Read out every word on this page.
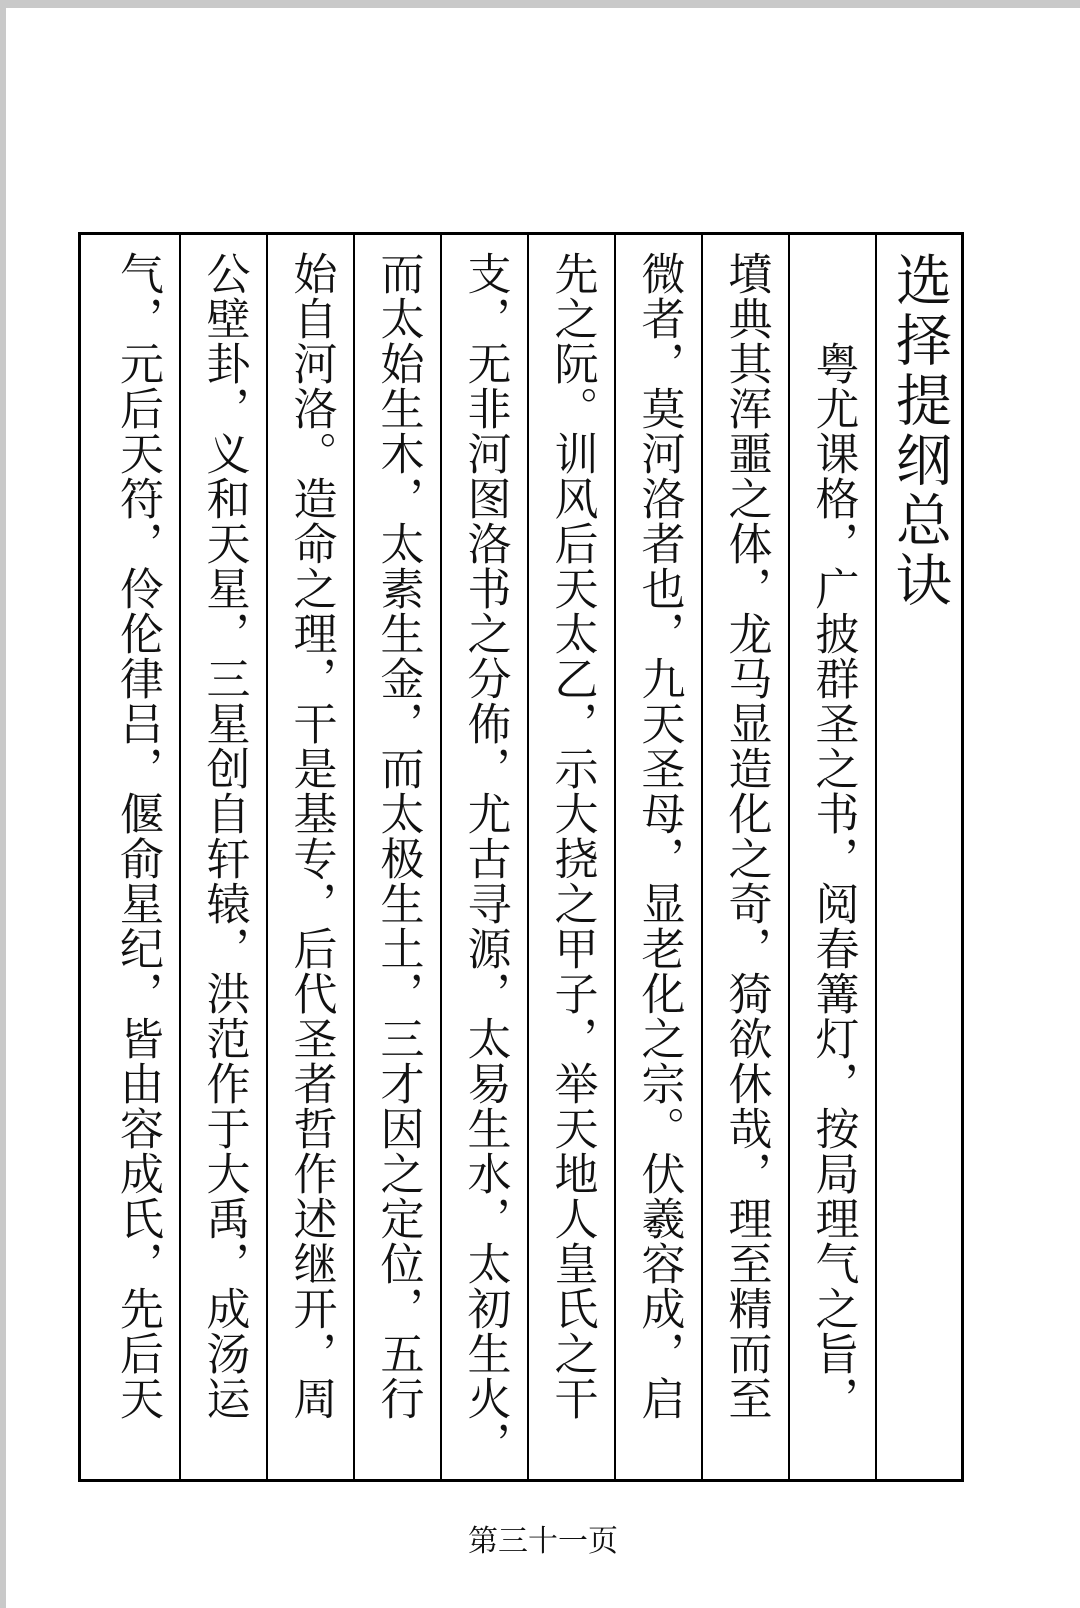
选择提纲总诀
粤尤课格，广披群圣之书，阅春篝灯，按局理气之旨，
墳典其浑噩之体，龙马显造化之奇，猗欲休哉，理至精而至
微者，莫河洛者也，九天圣母，显老化之宗。伏羲容成，启
先之阮。训风后天太乙，示大挠之甲子，举天地人皇氏之干
支，无非河图洛书之分佈，尤古寻源，太易生水，太初生火，
而太始生木，太素生金，而太极生土，三才因之定位，五行
始自河洛。造命之理，干是基专，后代圣者哲作述继开，周
公壁卦，义和天星，三星创自轩辕，洪范作于大禹，成汤运
气，元后天符，伶伦律吕，偃俞星纪，皆由容成氏，先后天
第三十一页
